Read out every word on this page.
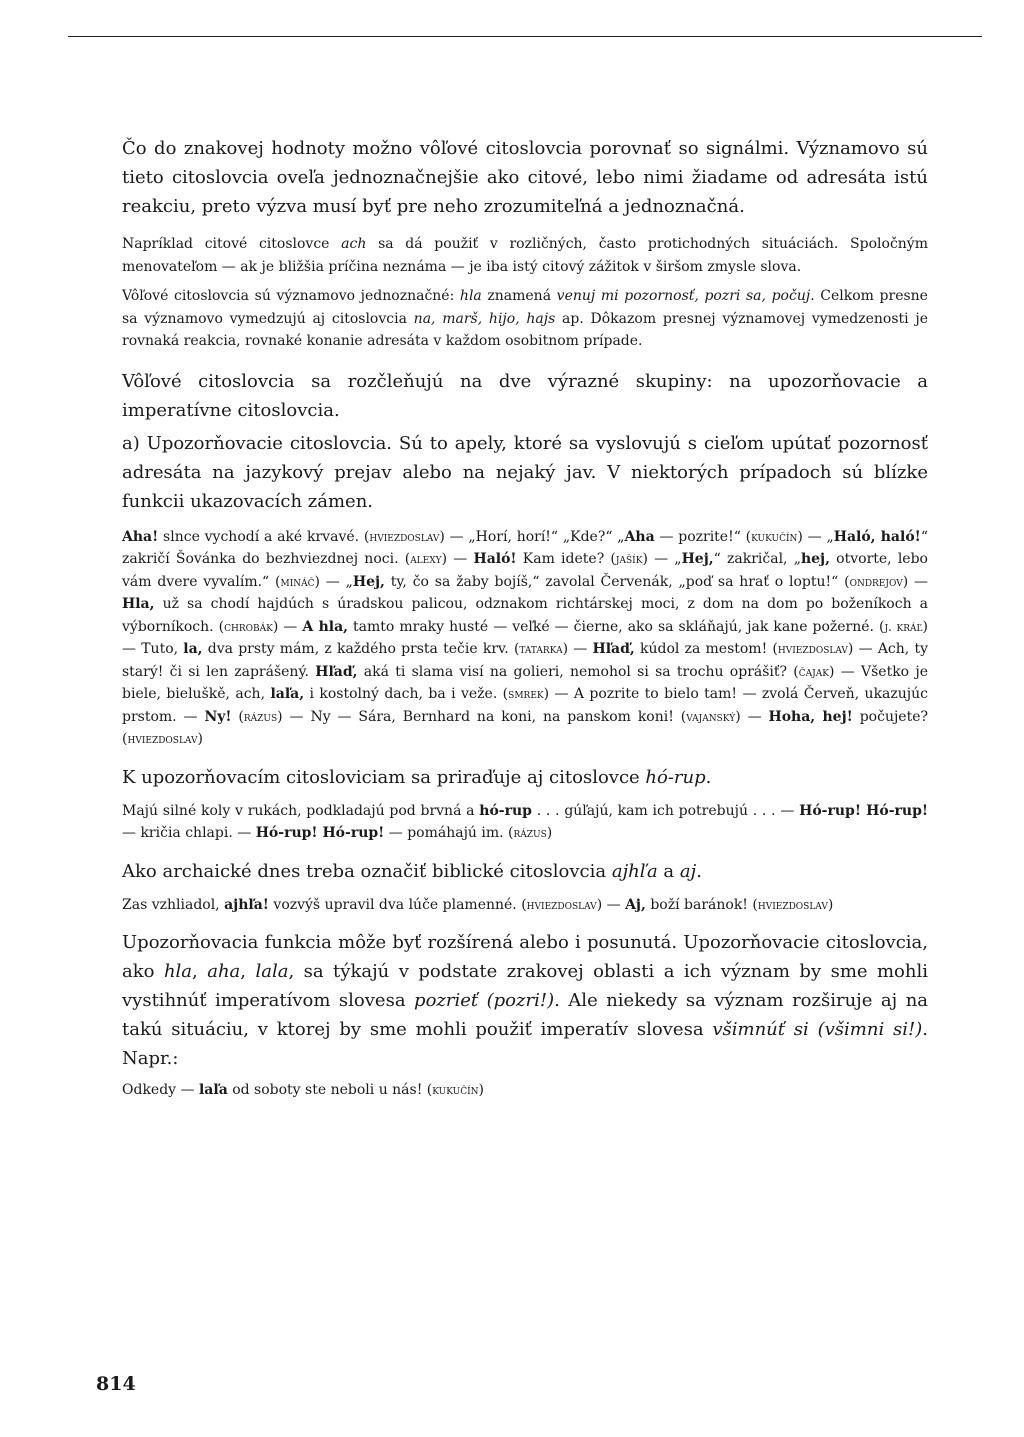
Čo do znakovej hodnoty možno vôľové citoslovcia porovnať so signálmi. Významovo sú tieto citoslovcia oveľa jednoznačnejšie ako citové, lebo nimi žiadame od adresáta istú reakciu, preto výzva musí byť pre neho zrozumiteľná a jednoznačná.

Napríklad citové citoslovce ach sa dá použiť v rozličných, často protichodných situáciách. Spoločným menovateľom — ak je bližšia príčina neznáma — je iba istý citový zážitok v širšom zmysle slova.

Vôľové citoslovcia sú významovo jednoznačné: hla znamená venuj mi pozornosť, pozri sa, počuj. Celkom presne sa významovo vymedzujú aj citoslovcia na, marš, hijo, hajs ap. Dôkazom presnej významovej vymedzenosti je rovnaká reakcia, rovnaké konanie adresáta v každom osobitnom prípade.

Vôľové citoslovcia sa rozčleňujú na dve výrazné skupiny: na upozorňovacie a imperatívne citoslovcia.

a) Upozorňovacie citoslovcia. Sú to apely, ktoré sa vyslovujú s cieľom upútať pozornosť adresáta na jazykový prejav alebo na nejaký jav. V niektorých prípadoch sú blízke funkcii ukazovacích zámen.

Aha! slnce vychodí a aké krvavé. (hviezdoslav) — „Horí, horí!“ „Kde?“ „Aha — pozrite!“ (kukučín) — „Haló, haló!“ zakričí Šovánka do bezhviezdnej noci. (alexy) — Haló! Kam idete? (jašík) — „Hej,“ zakričal, „hej, otvorte, lebo vám dvere vyvalím.“ (mináč) — „Hej, ty, čo sa žaby bojíš,“ zavolal Červenák, „poď sa hrať o loptu!“ (ondrejov) — Hla, už sa chodí hajdúch s úradskou palicou, odznakom richtárskej moci, z dom na dom po boženíkoch a výborníkoch. (chrobák) — A hla, tamto mraky husté — veľké — čierne, ako sa skláňajú, jak kane požerné. (j. kráľ) — Tuto, la, dva prsty mám, z každého prsta tečie krv. (tatarka) — Hľaď, kúdol za mestom! (hviezdoslav) — Ach, ty starý! či si len zaprášený. Hľaď, aká ti slama visí na golieri, nemohol si sa trochu oprášiť? (čajak) — Všetko je biele, bieluškě, ach, laľa, i kostolný dach, ba i veže. (smrek) — A pozrite to bielo tam! — zvolá Červeň, ukazujúc prstom. — Ny! (rázus) — Ny — Sára, Bernhard na koni, na panskom koni! (vajanský) — Hoha, hej! počujete? (hviezdoslav)

K upozorňovacím citosloviciam sa priraďuje aj citoslovce hó-rup.

Majú silné koly v rukách, podkladajú pod brvná a hó-rup . . . gúľajú, kam ich potrebujú . . . — Hó-rup! Hó-rup! — kričia chlapi. — Hó-rup! Hó-rup! — pomáhajú im. (rázus)

Ako archaické dnes treba označiť biblické citoslovcia ajhľa a aj.

Zas vzhliadol, ajhľa! vozvýš upravil dva lúče plamenné. (hviezdoslav) — Aj, boží baránok! (hviezdoslav)

Upozorňovacia funkcia môže byť rozšírená alebo i posunutá. Upozorňovacie citoslovcia, ako hla, aha, lala, sa týkajú v podstate zrakovej oblasti a ich význam by sme mohli vystihnúť imperatívom slovesa pozrieť (pozri!). Ale niekedy sa význam rozširuje aj na takú situáciu, v ktorej by sme mohli použiť imperatív slovesa všimnúť si (všimni si!). Napr.:

Odkedy — laľa od soboty ste neboli u nás! (kukučín)

814
